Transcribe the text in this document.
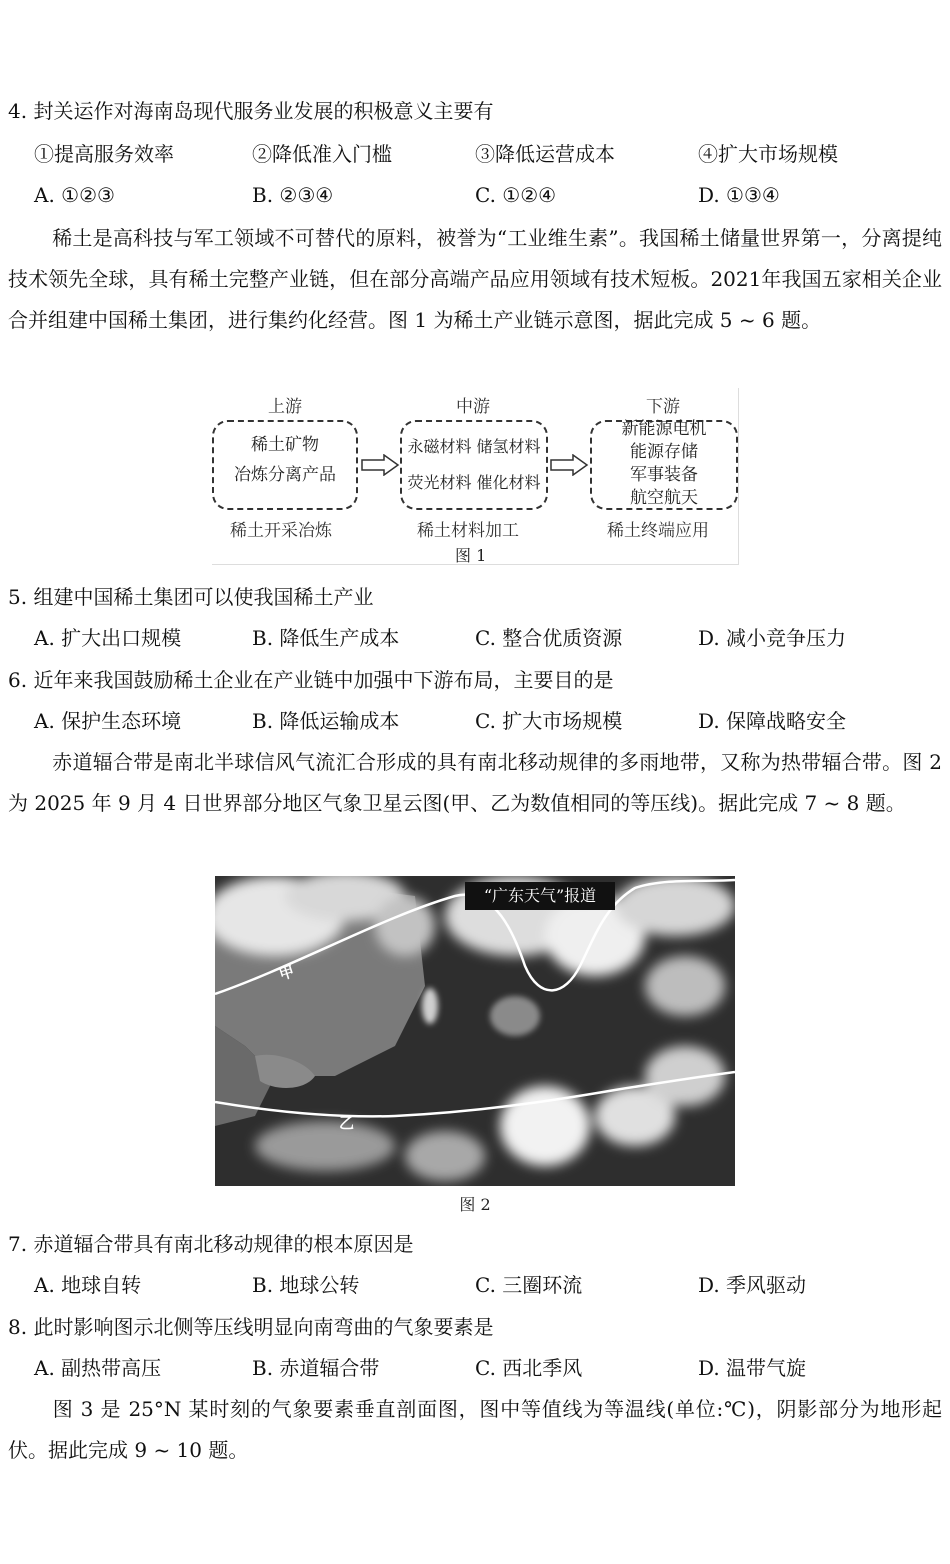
4. 封关运作对海南岛现代服务业发展的积极意义主要有
①提高服务效率	②降低准入门槛	③降低运营成本	④扩大市场规模
A. ①②③	B. ②③④	C. ①②④	D. ①③④
稀土是高科技与军工领域不可替代的原料，被誉为“工业维生素”。我国稀土储量世界第一，分离提纯技术领先全球，具有稀土完整产业链，但在部分高端产品应用领域有技术短板。2021年我国五家相关企业合并组建中国稀土集团，进行集约化经营。图 1 为稀土产业链示意图，据此完成 5 ~ 6 题。
上游	中游	下游
稀土矿物
冶炼分离产品
永磁材料 储氢材料
荧光材料 催化材料
新能源电机
能源存储
军事装备
航空航天
稀土开采冶炼	稀土材料加工	稀土终端应用
图 1
5. 组建中国稀土集团可以使我国稀土产业
A. 扩大出口规模	B. 降低生产成本	C. 整合优质资源	D. 减小竞争压力
6. 近年来我国鼓励稀土企业在产业链中加强中下游布局，主要目的是
A. 保护生态环境	B. 降低运输成本	C. 扩大市场规模	D. 保障战略安全
赤道辐合带是南北半球信风气流汇合形成的具有南北移动规律的多雨地带，又称为热带辐合带。图 2 为 2025 年 9 月 4 日世界部分地区气象卫星云图(甲、乙为数值相同的等压线)。据此完成 7 ~ 8 题。
“广东天气”报道
甲
乙
图 2
7. 赤道辐合带具有南北移动规律的根本原因是
A. 地球自转	B. 地球公转	C. 三圈环流	D. 季风驱动
8. 此时影响图示北侧等压线明显向南弯曲的气象要素是
A. 副热带高压	B. 赤道辐合带	C. 西北季风	D. 温带气旋
图 3 是 25°N 某时刻的气象要素垂直剖面图，图中等值线为等温线(单位:℃)，阴影部分为地形起伏。据此完成 9 ~ 10 题。
